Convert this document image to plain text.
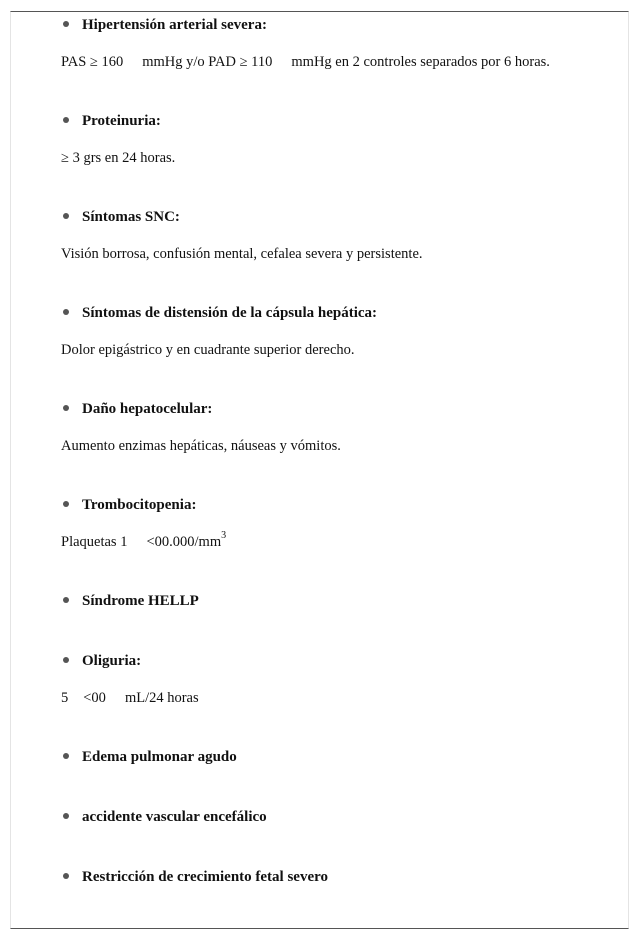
Hipertensión arterial severa:
PAS ≥ 160 mmHg y/o PAD ≥ 110 mmHg en 2 controles separados por 6 horas.
Proteinuria:
≥ 3 grs en 24 horas.
Síntomas SNC:
Visión borrosa, confusión mental, cefalea severa y persistente.
Síntomas de distensión de la cápsula hepática:
Dolor epigástrico y en cuadrante superior derecho.
Daño hepatocelular:
Aumento enzimas hepáticas, náuseas y vómitos.
Trombocitopenia:
Plaquetas $1 <00.000/mm^3$
Síndrome HELLP
Oliguria:
5 <00 mL/24 horas
Edema pulmonar agudo
accidente vascular encefálico
Restricción de crecimiento fetal severo
